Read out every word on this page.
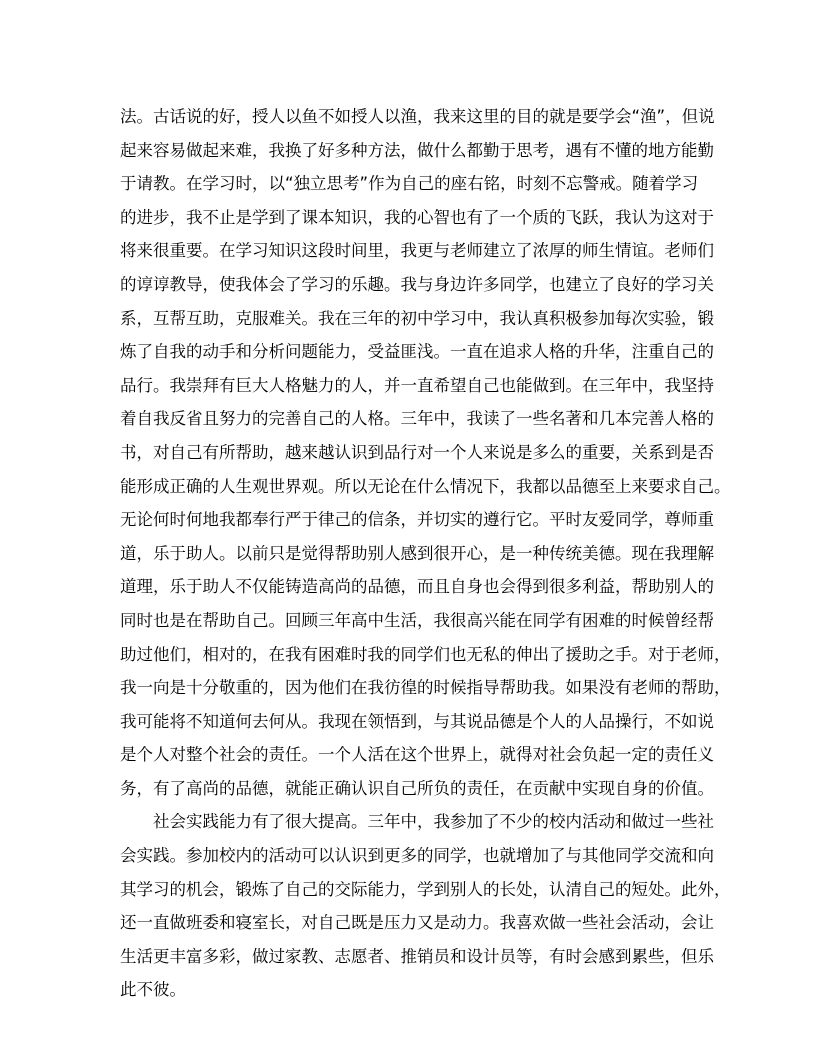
法。古话说的好，授人以鱼不如授人以渔，我来这里的目的就是要学会“渔”，但说
起来容易做起来难，我换了好多种方法，做什么都勤于思考，遇有不懂的地方能勤
于请教。在学习时，以“独立思考”作为自己的座右铭，时刻不忘警戒。随着学习
的进步，我不止是学到了课本知识，我的心智也有了一个质的飞跃，我认为这对于
将来很重要。在学习知识这段时间里，我更与老师建立了浓厚的师生情谊。老师们
的谆谆教导，使我体会了学习的乐趣。我与身边许多同学，也建立了良好的学习关
系，互帮互助，克服难关。我在三年的初中学习中，我认真积极参加每次实验，锻
炼了自我的动手和分析问题能力，受益匪浅。一直在追求人格的升华，注重自己的
品行。我崇拜有巨大人格魅力的人，并一直希望自己也能做到。在三年中，我坚持
着自我反省且努力的完善自己的人格。三年中，我读了一些名著和几本完善人格的
书，对自己有所帮助，越来越认识到品行对一个人来说是多么的重要，关系到是否
能形成正确的人生观世界观。所以无论在什么情况下，我都以品德至上来要求自己。
无论何时何地我都奉行严于律己的信条，并切实的遵行它。平时友爱同学，尊师重
道，乐于助人。以前只是觉得帮助别人感到很开心，是一种传统美德。现在我理解
道理，乐于助人不仅能铸造高尚的品德，而且自身也会得到很多利益，帮助别人的
同时也是在帮助自己。回顾三年高中生活，我很高兴能在同学有困难的时候曾经帮
助过他们，相对的，在我有困难时我的同学们也无私的伸出了援助之手。对于老师，
我一向是十分敬重的，因为他们在我彷徨的时候指导帮助我。如果没有老师的帮助，
我可能将不知道何去何从。我现在领悟到，与其说品德是个人的人品操行，不如说
是个人对整个社会的责任。一个人活在这个世界上，就得对社会负起一定的责任义
务，有了高尚的品德，就能正确认识自己所负的责任，在贡献中实现自身的价值。
社会实践能力有了很大提高。三年中，我参加了不少的校内活动和做过一些社
会实践。参加校内的活动可以认识到更多的同学，也就增加了与其他同学交流和向
其学习的机会，锻炼了自己的交际能力，学到别人的长处，认清自己的短处。此外，
还一直做班委和寝室长，对自己既是压力又是动力。我喜欢做一些社会活动，会让
生活更丰富多彩，做过家教、志愿者、推销员和设计员等，有时会感到累些，但乐
此不彼。
